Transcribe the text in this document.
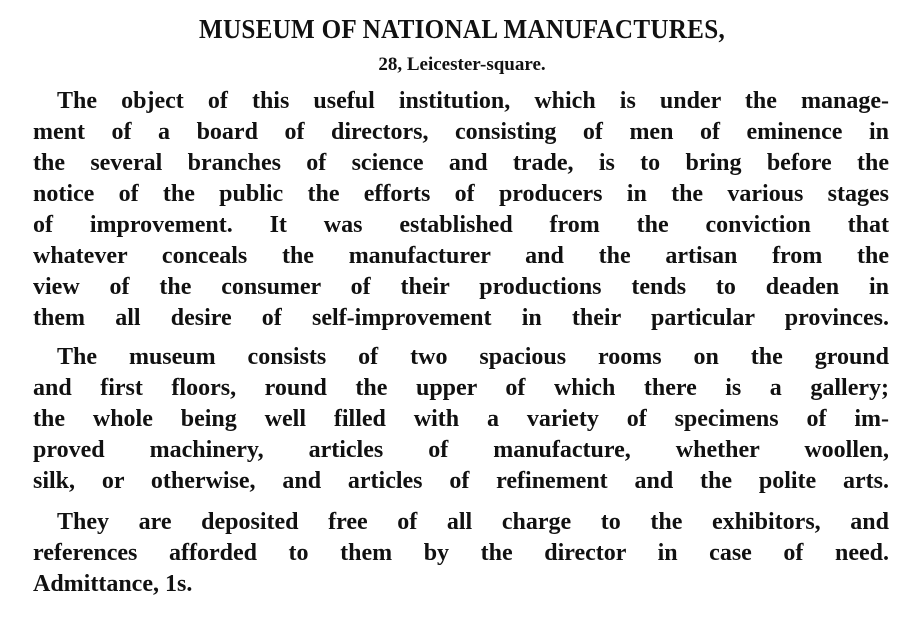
MUSEUM OF NATIONAL MANUFACTURES,
28, Leicester-square.
The object of this useful institution, which is under the manage-
ment of a board of directors, consisting of men of eminence in
the several branches of science and trade, is to bring before the
notice of the public the efforts of producers in the various stages
of improvement. It was established from the conviction that
whatever conceals the manufacturer and the artisan from the
view of the consumer of their productions tends to deaden in
them all desire of self-improvement in their particular provinces.
The museum consists of two spacious rooms on the ground
and first floors, round the upper of which there is a gallery;
the whole being well filled with a variety of specimens of im-
proved machinery, articles of manufacture, whether woollen,
silk, or otherwise, and articles of refinement and the polite arts.
They are deposited free of all charge to the exhibitors, and
references afforded to them by the director in case of need.
Admittance, 1s.
